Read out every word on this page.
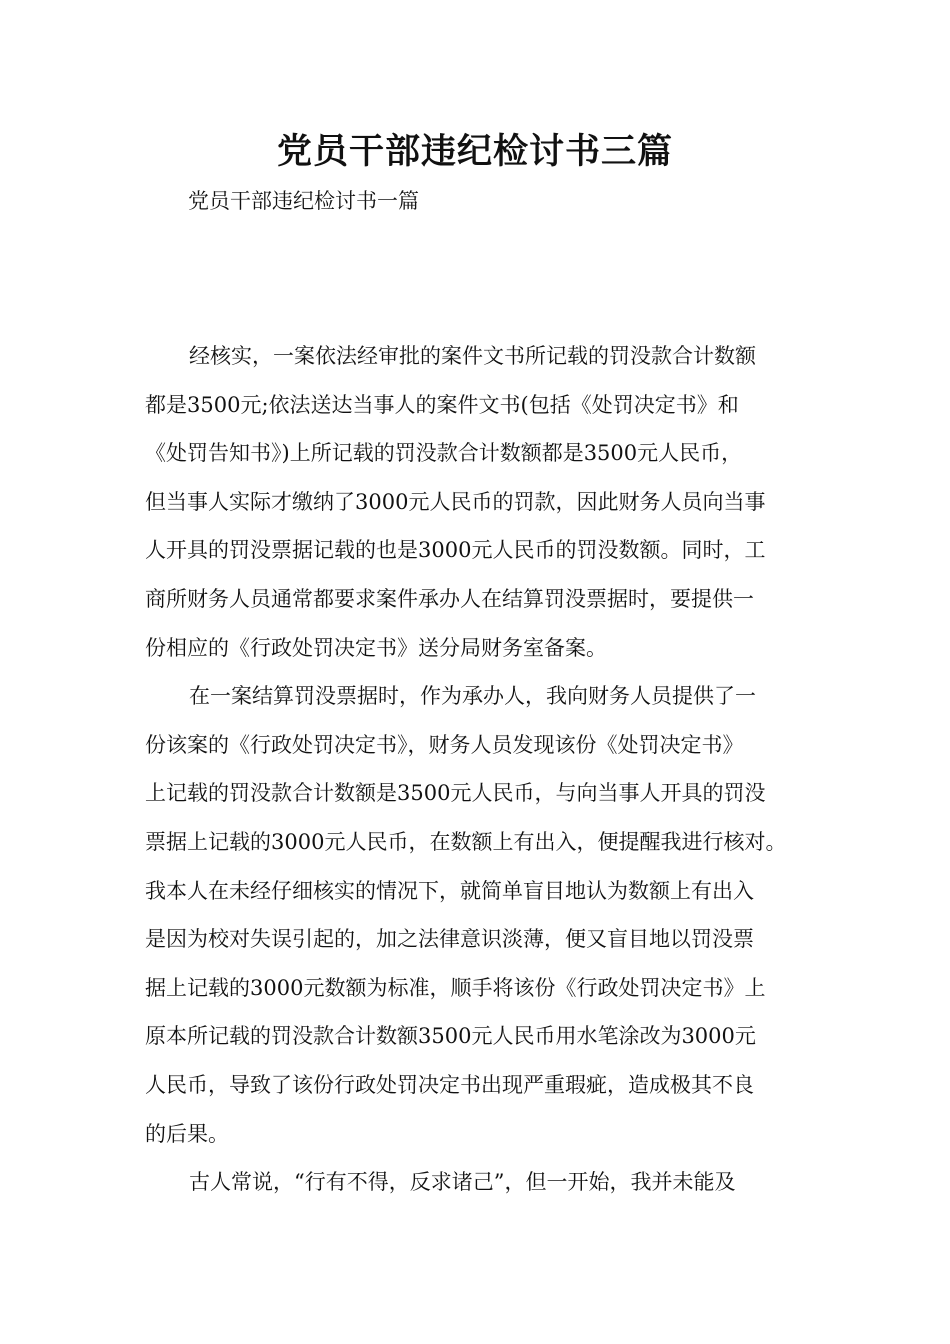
党员干部违纪检讨书三篇

党员干部违纪检讨书一篇

经核实，一案依法经审批的案件文书所记载的罚没款合计数额
都是3500元;依法送达当事人的案件文书(包括《处罚决定书》和
《处罚告知书》)上所记载的罚没款合计数额都是3500元人民币，
但当事人实际才缴纳了3000元人民币的罚款，因此财务人员向当事
人开具的罚没票据记载的也是3000元人民币的罚没数额。同时，工
商所财务人员通常都要求案件承办人在结算罚没票据时，要提供一
份相应的《行政处罚决定书》送分局财务室备案。

在一案结算罚没票据时，作为承办人，我向财务人员提供了一
份该案的《行政处罚决定书》，财务人员发现该份《处罚决定书》
上记载的罚没款合计数额是3500元人民币，与向当事人开具的罚没
票据上记载的3000元人民币，在数额上有出入，便提醒我进行核对。
我本人在未经仔细核实的情况下，就简单盲目地认为数额上有出入
是因为校对失误引起的，加之法律意识淡薄，便又盲目地以罚没票
据上记载的3000元数额为标准，顺手将该份《行政处罚决定书》上
原本所记载的罚没款合计数额3500元人民币用水笔涂改为3000元
人民币，导致了该份行政处罚决定书出现严重瑕疵，造成极其不良
的后果。

古人常说，“行有不得，反求诸己”，但一开始，我并未能及
